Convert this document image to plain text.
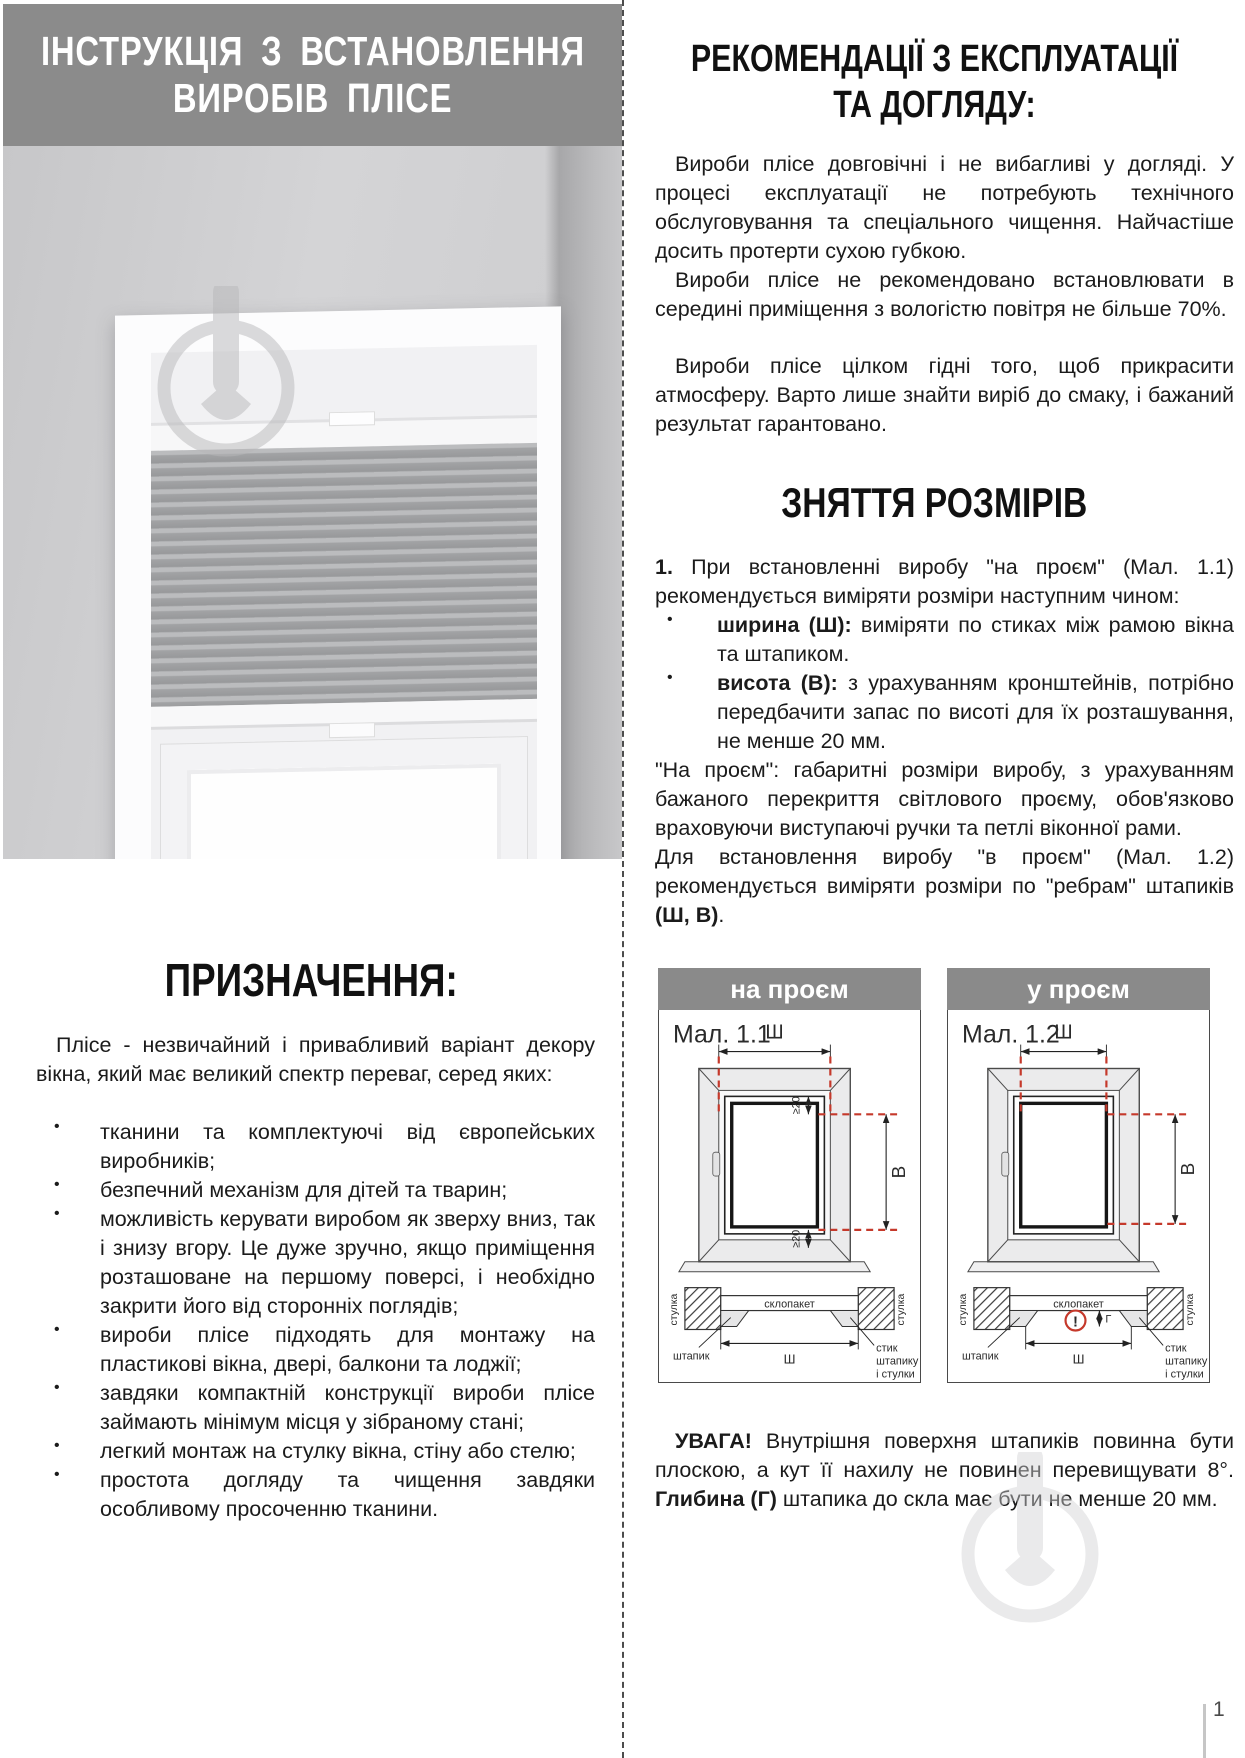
ІНСТРУКЦІЯ З ВСТАНОВЛЕННЯ
ВИРОБІВ ПЛІСЕ
ПРИЗНАЧЕННЯ:
Плісе - незвичайний і привабливий варіант декору вікна, який має великий спектр переваг, серед яких:
•	тканини та комплектуючі від європейських виробників;
•	безпечний механізм для дітей та тварин;
•	можливість керувати виробом як зверху вниз, так і знизу вгору. Це дуже зручно, якщо приміщення розташоване на першому поверсі, і необхідно закрити його від сторонніх поглядів;
•	вироби плісе підходять для монтажу на пластикові вікна, двері, балкони та лоджії;
•	завдяки компактній конструкції вироби плісе займають мінімум місця у зібраному стані;
•	легкий монтаж на стулку вікна, стіну або стелю;
•	простота догляду та чищення завдяки особливому просоченню тканини.
РЕКОМЕНДАЦІЇ З ЕКСПЛУАТАЦІЇ
ТА ДОГЛЯДУ:
Вироби плісе довговічні і не вибагливі у догляді. У процесі експлуатації не потребують технічного обслуговування та спеціального чищення. Найчастіше досить протерти сухою губкою.
Вироби плісе не рекомендовано встановлювати в середині приміщення з вологістю повітря не більше 70%.
Вироби плісе цілком гідні того, щоб прикрасити атмосферу. Варто лише знайти виріб до смаку, і бажаний результат гарантовано.
ЗНЯТТЯ РОЗМІРІВ
1. При встановленні виробу "на проєм" (Мал. 1.1) рекомендується виміряти розміри наступним чином:
•	ширина (Ш): виміряти по стиках між рамою вікна та штапиком.
•	висота (В): з урахуванням кронштейнів, потрібно передбачити запас по висоті для їх розташування, не менше 20 мм.
"На проєм": габаритні розміри виробу, з урахуванням бажаного перекриття світлового проєму, обов'язково враховуючи виступаючі ручки та петлі віконної рами.
Для встановлення виробу "в проєм" (Мал. 1.2) рекомендується виміряти розміри по "ребрам" штапиків (Ш, В).
на проєм
Мал. 1.1
Ш
В
≥20
≥20
склопакет
стулка	стулка
штапик	Ш
стик
штапику
і стулки
у проєм
Мал. 1.2
Ш
В
склопакет
стулка	стулка
штапик	Ш
! Г
стик
штапику
і стулки
УВАГА! Внутрішня поверхня штапиків повинна бути плоскою, а кут її нахилу не повинен перевищувати 8°. Глибина (Г) штапика до скла має бути не менше 20 мм.
1
